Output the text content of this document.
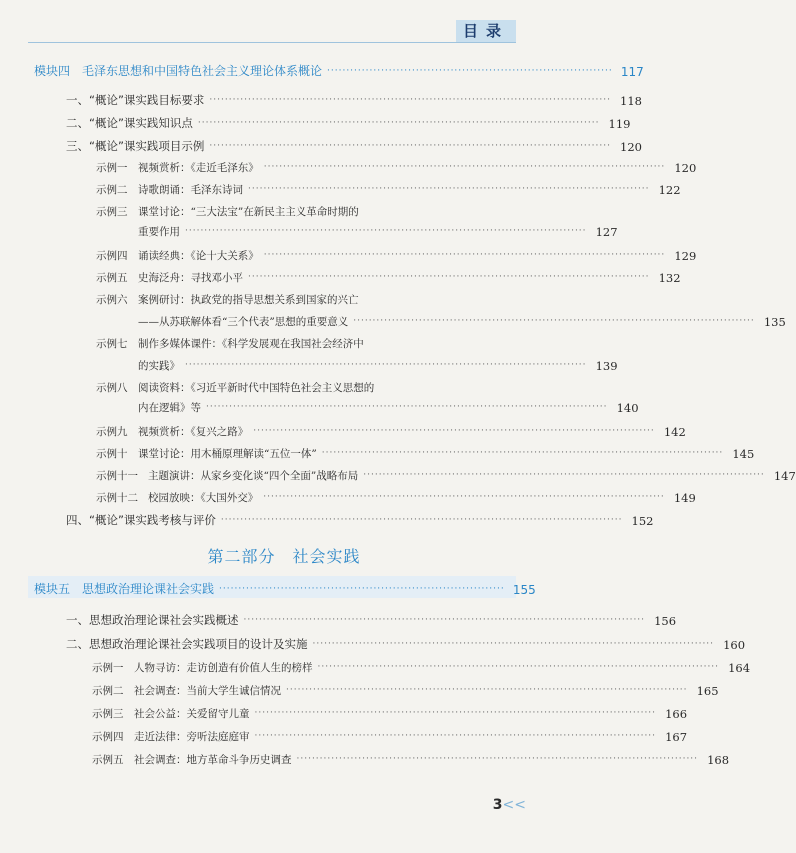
目录
模块四　毛泽东思想和中国特色社会主义理论体系概论 ·········································································· 117
一、“概论”课实践目标要求 ········································································································ 118
二、“概论”课实践知识点 ········································································································ 119
三、“概论”课实践项目示例 ········································································································ 120
示例一 视频赏析：《走近毛泽东》 ········································································································ 120
示例二 诗歌朗诵：毛泽东诗词 ········································································································ 122
示例三 课堂讨论：“三大法宝”在新民主主义革命时期的
重要作用 ········································································································ 127
示例四 诵读经典：《论十大关系》 ········································································································ 129
示例五 史海泛舟：寻找邓小平 ········································································································ 132
示例六 案例研讨：执政党的指导思想关系到国家的兴亡
——从苏联解体看“三个代表”思想的重要意义 ········································································································ 135
示例七 制作多媒体课件：《科学发展观在我国社会经济中
的实践》 ········································································································ 139
示例八 阅读资料：《习近平新时代中国特色社会主义思想的
内在逻辑》等 ········································································································ 140
示例九 视频赏析：《复兴之路》 ········································································································ 142
示例十 课堂讨论：用木桶原理解读“五位一体” ········································································································ 145
示例十一 主题演讲：从家乡变化谈“四个全面”战略布局 ········································································································ 147
示例十二 校园放映：《大国外交》 ········································································································ 149
四、“概论”课实践考核与评价 ········································································································ 152
第二部分　社会实践
模块五　思想政治理论课社会实践 ·········································································· 155
一、思想政治理论课社会实践概述 ········································································································ 156
二、思想政治理论课社会实践项目的设计及实施 ········································································································ 160
示例一 人物寻访：走访创造有价值人生的榜样 ········································································································ 164
示例二 社会调查：当前大学生诚信情况 ········································································································ 165
示例三 社会公益：关爱留守儿童 ········································································································ 166
示例四 走近法律：旁听法庭庭审 ········································································································ 167
示例五 社会调查：地方革命斗争历史调查 ········································································································ 168
3<<
